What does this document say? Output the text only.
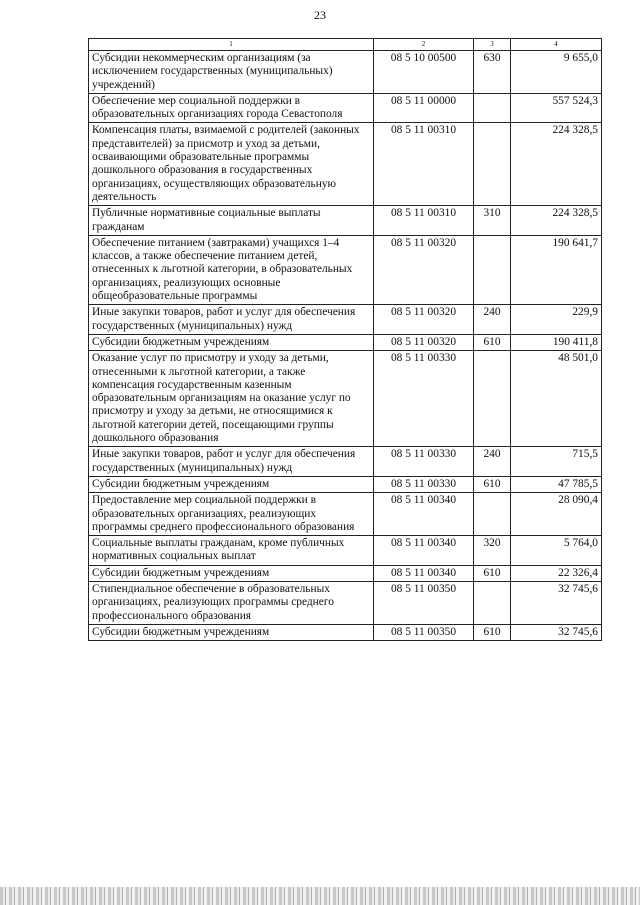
23
1	2	3	4
Субсидии некоммерческим организациям (за исключением государственных (муниципальных) учреждений)	08 5 10 00500	630	9 655,0
Обеспечение мер социальной поддержки в образовательных организациях города Севастополя	08 5 11 00000		557 524,3
Компенсация платы, взимаемой с родителей (законных представителей) за присмотр и уход за детьми, осваивающими образовательные программы дошкольного образования в государственных организациях, осуществляющих образовательную деятельность	08 5 11 00310		224 328,5
Публичные нормативные социальные выплаты гражданам	08 5 11 00310	310	224 328,5
Обеспечение питанием (завтраками) учащихся 1–4 классов, а также обеспечение питанием детей, отнесенных к льготной категории, в образовательных организациях, реализующих основные общеобразовательные программы	08 5 11 00320		190 641,7
Иные закупки товаров, работ и услуг для обеспечения государственных (муниципальных) нужд	08 5 11 00320	240	229,9
Субсидии бюджетным учреждениям	08 5 11 00320	610	190 411,8
Оказание услуг по присмотру и уходу за детьми, отнесенными к льготной категории, а также компенсация государственным казенным образовательным организациям на оказание услуг по присмотру и уходу за детьми, не относящимися к льготной категории детей, посещающими группы дошкольного образования	08 5 11 00330		48 501,0
Иные закупки товаров, работ и услуг для обеспечения государственных (муниципальных) нужд	08 5 11 00330	240	715,5
Субсидии бюджетным учреждениям	08 5 11 00330	610	47 785,5
Предоставление мер социальной поддержки в образовательных организациях, реализующих программы среднего профессионального образования	08 5 11 00340		28 090,4
Социальные выплаты гражданам, кроме публичных нормативных социальных выплат	08 5 11 00340	320	5 764,0
Субсидии бюджетным учреждениям	08 5 11 00340	610	22 326,4
Стипендиальное обеспечение в образовательных организациях, реализующих программы среднего профессионального образования	08 5 11 00350		32 745,6
Субсидии бюджетным учреждениям	08 5 11 00350	610	32 745,6
